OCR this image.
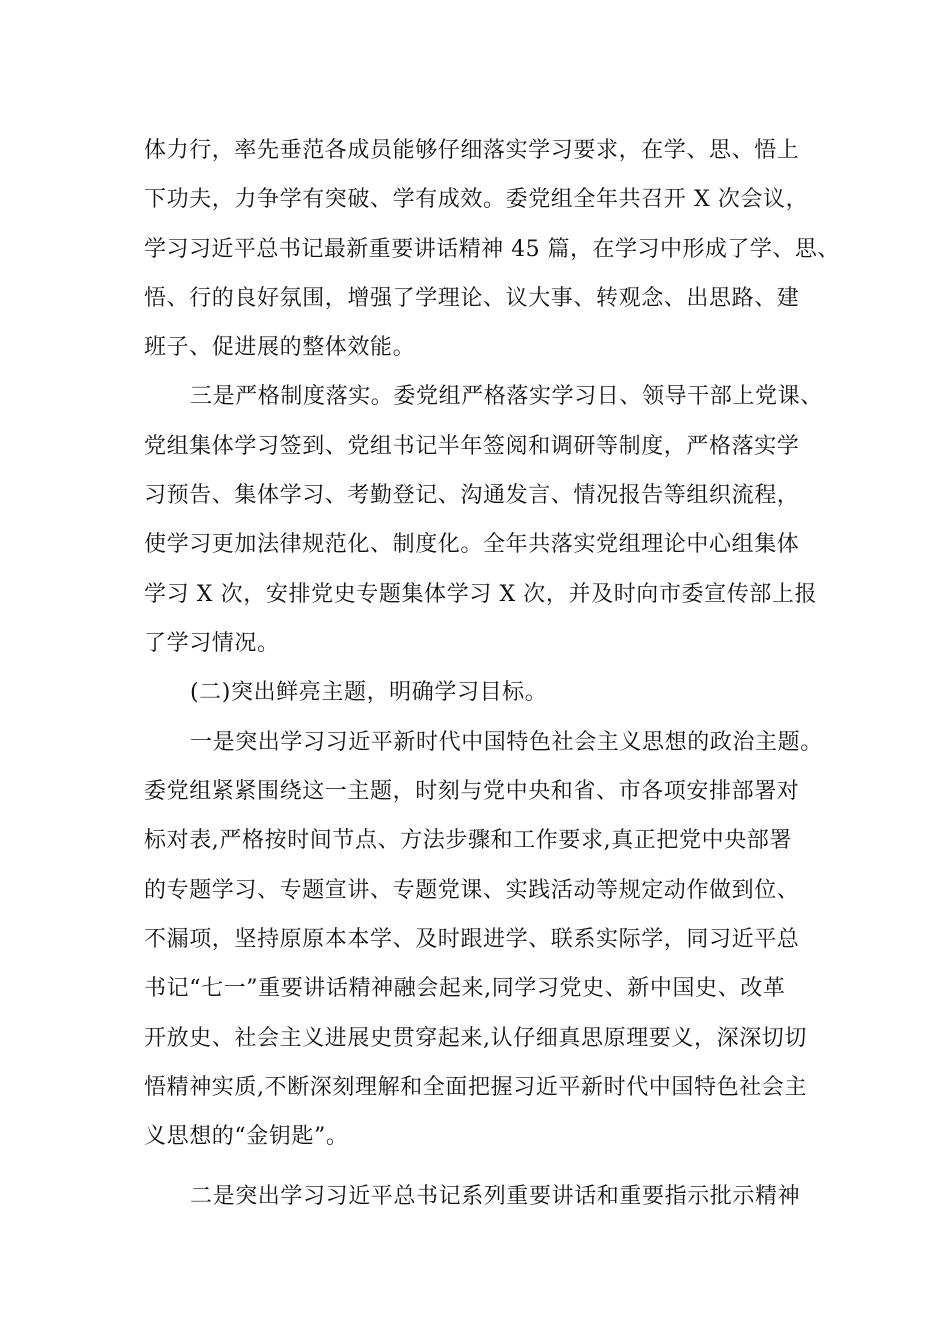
体力行，率先垂范各成员能够仔细落实学习要求，在学、思、悟上
下功夫，力争学有突破、学有成效。委党组全年共召开 X 次会议，
学习习近平总书记最新重要讲话精神 45 篇，在学习中形成了学、思、
悟、行的良好氛围，增强了学理论、议大事、转观念、出思路、建
班子、促进展的整体效能。
三是严格制度落实。委党组严格落实学习日、领导干部上党课、
党组集体学习签到、党组书记半年签阅和调研等制度，严格落实学
习预告、集体学习、考勤登记、沟通发言、情况报告等组织流程，
使学习更加法律规范化、制度化。全年共落实党组理论中心组集体
学习 X 次，安排党史专题集体学习 X 次，并及时向市委宣传部上报
了学习情况。
(二)突出鲜亮主题，明确学习目标。
一是突出学习习近平新时代中国特色社会主义思想的政治主题。
委党组紧紧围绕这一主题，时刻与党中央和省、市各项安排部署对
标对表,严格按时间节点、方法步骤和工作要求,真正把党中央部署
的专题学习、专题宣讲、专题党课、实践活动等规定动作做到位、
不漏项，坚持原原本本学、及时跟进学、联系实际学，同习近平总
书记“七一”重要讲话精神融会起来,同学习党史、新中国史、改革
开放史、社会主义进展史贯穿起来,认仔细真思原理要义，深深切切
悟精神实质,不断深刻理解和全面把握习近平新时代中国特色社会主
义思想的“金钥匙”。
二是突出学习习近平总书记系列重要讲话和重要指示批示精神
